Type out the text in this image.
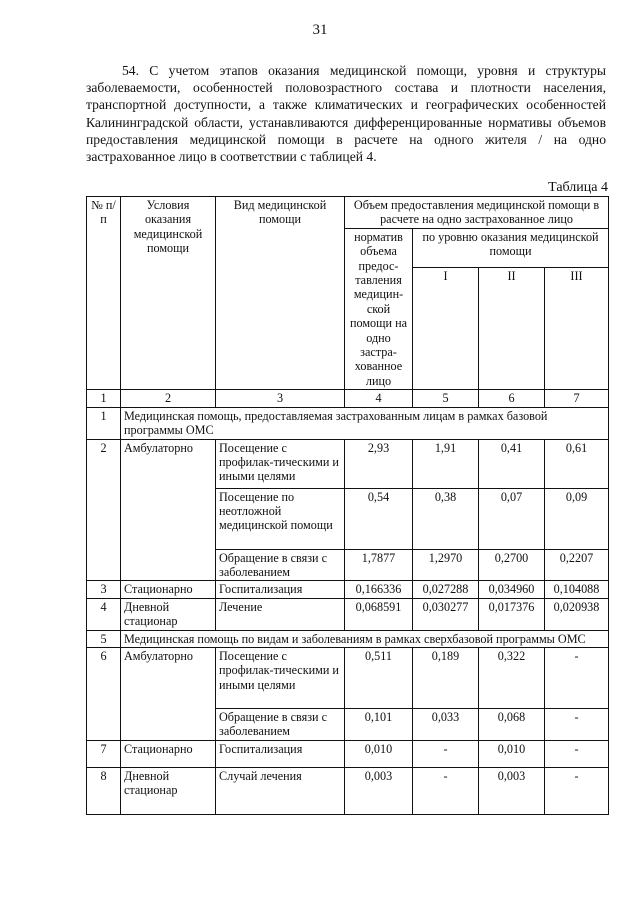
31
54. С учетом этапов оказания медицинской помощи, уровня и структуры заболеваемости, особенностей половозрастного состава и плотности населения, транспортной доступности, а также климатических и географических особенностей Калининградской области, устанавливаются дифференцированные нормативы объемов предоставления медицинской помощи в расчете на одного жителя / на одно застрахованное лицо в соответствии с таблицей 4.
Таблица 4
№ п/п	Условия оказания медицинской помощи	Вид медицинской помощи	Объем предоставления медицинской помощи в расчете на одно застрахованное лицо			
			норматив объема предос-тавления медицин-ской помощи на одно застра-хованное лицо	по уровню оказания медицинской помощи		
				I	II	III
1	2	3	4	5	6	7
1	Медицинская помощь, предоставляемая застрахованным лицам в рамках базовой программы ОМС					
2	Амбулаторно	Посещение с профилак-тическими и иными целями	2,93	1,91	0,41	0,61
		Посещение по неотложной медицинской помощи	0,54	0,38	0,07	0,09
		Обращение в связи с заболеванием	1,7877	1,2970	0,2700	0,2207
3	Стационарно	Госпитализация	0,166336	0,027288	0,034960	0,104088
4	Дневной стационар	Лечение	0,068591	0,030277	0,017376	0,020938
5	Медицинская помощь по видам и заболеваниям в рамках сверхбазовой программы ОМС					
6	Амбулаторно	Посещение с профилак-тическими и иными целями	0,511	0,189	0,322	-
		Обращение в связи с заболеванием	0,101	0,033	0,068	-
7	Стационарно	Госпитализация	0,010	-	0,010	-
8	Дневной стационар	Случай лечения	0,003	-	0,003	-
